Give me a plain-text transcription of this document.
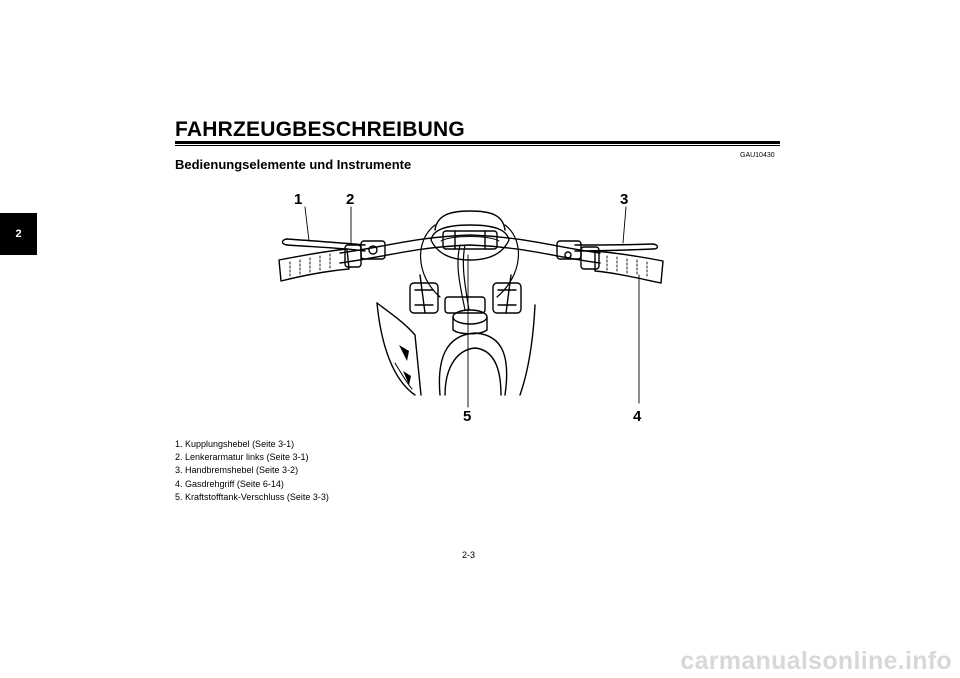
FAHRZEUGBESCHREIBUNG
2
GAU10430
Bedienungselemente und Instrumente
1	2	3
4
5
1. Kupplungshebel (Seite 3-1)
2. Lenkerarmatur links (Seite 3-1)
3. Handbremshebel (Seite 3-2)
4. Gasdrehgriff (Seite 6-14)
5. Kraftstofftank-Verschluss (Seite 3-3)
2-3
carmanualsonline.info
